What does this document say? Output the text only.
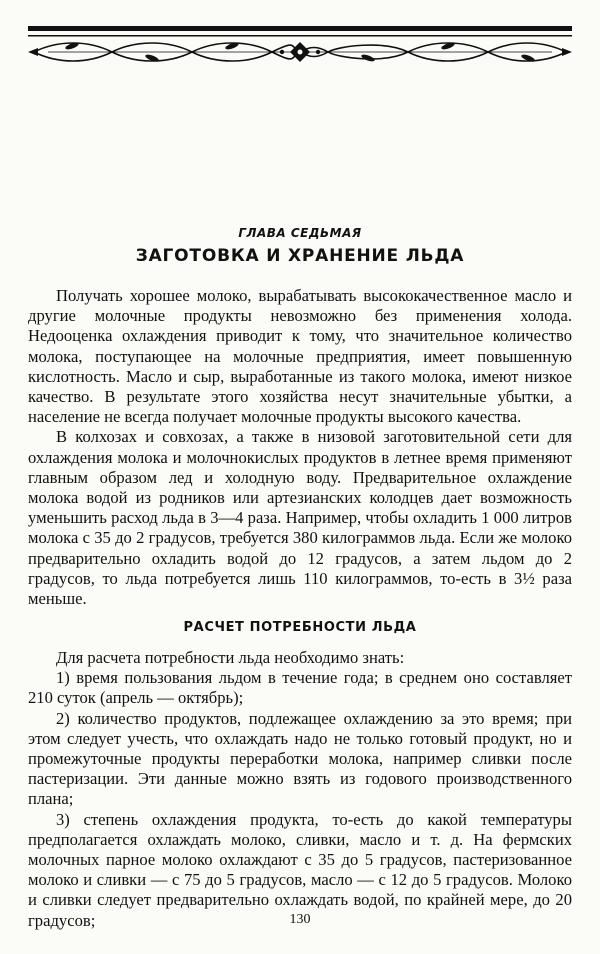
ГЛАВА СЕДЬМАЯ
ЗАГОТОВКА И ХРАНЕНИЕ ЛЬДА

Получать хорошее молоко, вырабатывать высококачественное масло и другие молочные продукты невозможно без применения холода. Недооценка охлаждения приводит к тому, что значительное количество молока, поступающее на молочные предприятия, имеет повышенную кислотность. Масло и сыр, выработанные из такого молока, имеют низкое качество. В результате этого хозяйства несут значительные убытки, а население не всегда получает молочные продукты высокого качества.

В колхозах и совхозах, а также в низовой заготовительной сети для охлаждения молока и молочнокислых продуктов в летнее время применяют главным образом лед и холодную воду. Предварительное охлаждение молока водой из родников или артезианских колодцев дает возможность уменьшить расход льда в 3—4 раза. Например, чтобы охладить 1 000 литров молока с 35 до 2 градусов, требуется 380 килограммов льда. Если же молоко предварительно охладить водой до 12 градусов, а затем льдом до 2 градусов, то льда потребуется лишь 110 килограммов, то-есть в 3½ раза меньше.

РАСЧЕТ ПОТРЕБНОСТИ ЛЬДА

Для расчета потребности льда необходимо знать:

1) время пользования льдом в течение года; в среднем оно составляет 210 суток (апрель — октябрь);

2) количество продуктов, подлежащее охлаждению за это время; при этом следует учесть, что охлаждать надо не только готовый продукт, но и промежуточные продукты переработки молока, например сливки после пастеризации. Эти данные можно взять из годового производственного плана;

3) степень охлаждения продукта, то-есть до какой температуры предполагается охлаждать молоко, сливки, масло и т. д. На фермских молочных парное молоко охлаждают с 35 до 5 градусов, пастеризованное молоко и сливки — с 75 до 5 градусов, масло — с 12 до 5 градусов. Молоко и сливки следует предварительно охлаждать водой, по крайней мере, до 20 градусов;	130
